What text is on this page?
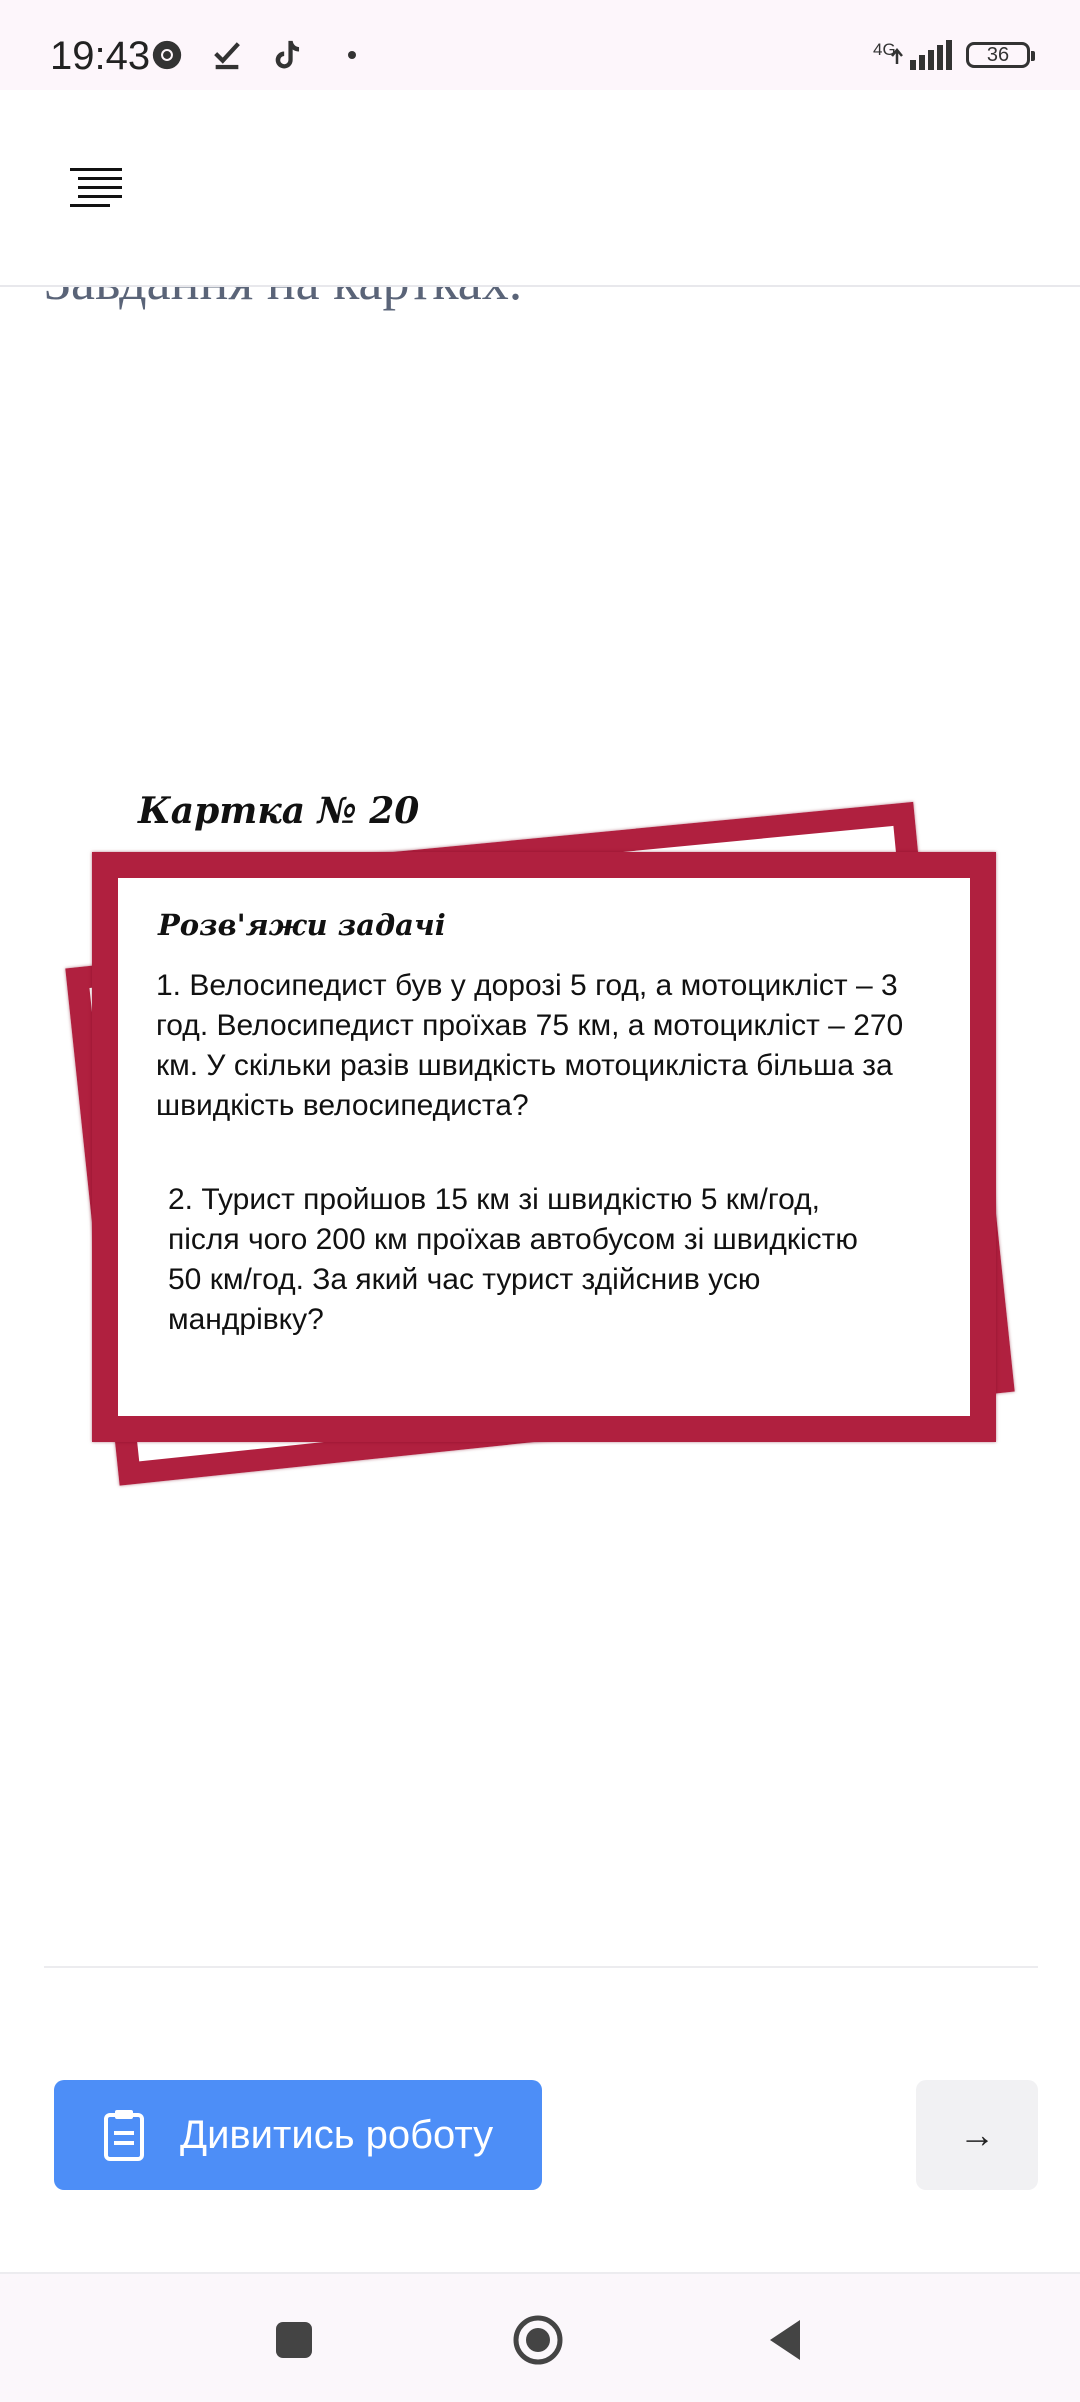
19:43	4G	36
Картка № 20
Розв'яжи задачі
1. Велосипедист був у дорозі 5 год, а мотоцикліст – 3 год. Велосипедист проїхав 75 км, а мотоцикліст – 270 км. У скільки разів швидкість мотоцикліста більша за швидкість велосипедиста?
2. Турист пройшов 15 км зі швидкістю 5 км/год, після чого 200 км проїхав автобусом зі швидкістю 50 км/год. За який час турист здійснив усю мандрівку?
Дивитись роботу	→
